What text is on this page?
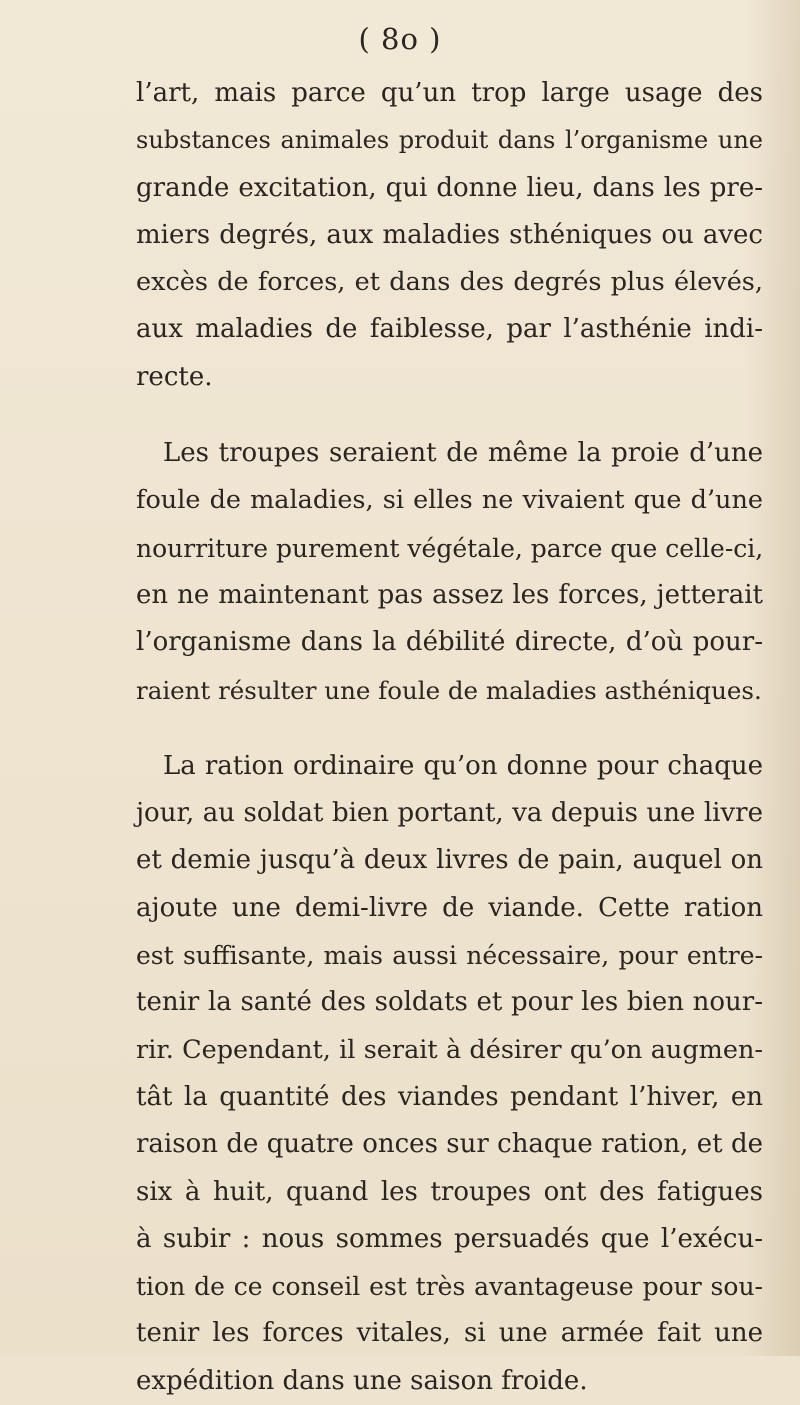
( 8o )
l’art, mais parce qu’un trop large usage des
substances animales produit dans l’organisme une
grande excitation, qui donne lieu, dans les pre-
miers degrés, aux maladies sthéniques ou avec
excès de forces, et dans des degrés plus élevés,
aux maladies de faiblesse, par l’asthénie indi-
recte.
Les troupes seraient de même la proie d’une
foule de maladies, si elles ne vivaient que d’une
nourriture purement végétale, parce que celle-ci,
en ne maintenant pas assez les forces, jetterait
l’organisme dans la débilité directe, d’où pour-
raient résulter une foule de maladies asthéniques.
La ration ordinaire qu’on donne pour chaque
jour, au soldat bien portant, va depuis une livre
et demie jusqu’à deux livres de pain, auquel on
ajoute une demi-livre de viande. Cette ration
est suffisante, mais aussi nécessaire, pour entre-
tenir la santé des soldats et pour les bien nour-
rir. Cependant, il serait à désirer qu’on augmen-
tât la quantité des viandes pendant l’hiver, en
raison de quatre onces sur chaque ration, et de
six à huit, quand les troupes ont des fatigues
à subir : nous sommes persuadés que l’exécu-
tion de ce conseil est très avantageuse pour sou-
tenir les forces vitales, si une armée fait une
expédition dans une saison froide.
